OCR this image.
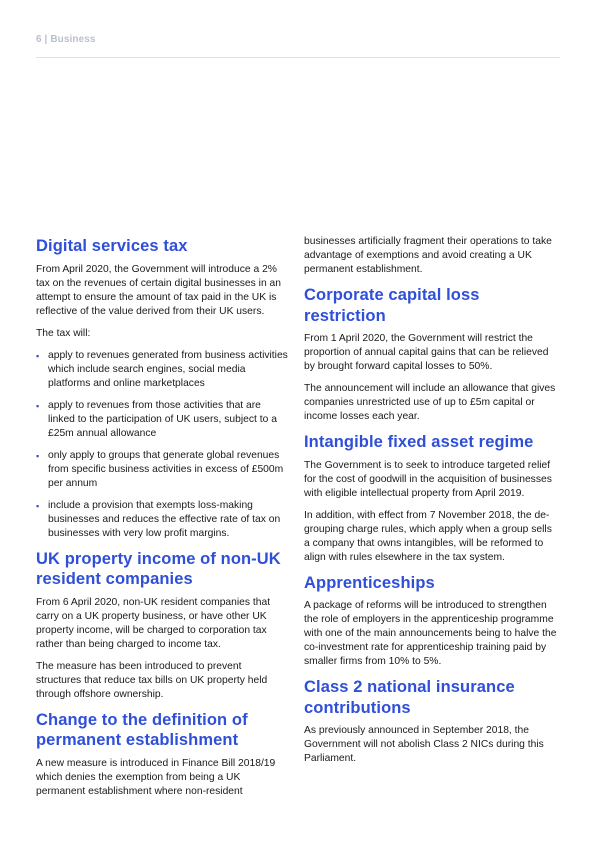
6 | Business
Digital services tax

From April 2020, the Government will introduce a 2% tax on the revenues of certain digital businesses in an attempt to ensure the amount of tax paid in the UK is reflective of the value derived from their UK users.

The tax will:

▪ apply to revenues generated from business activities which include search engines, social media platforms and online marketplaces
▪ apply to revenues from those activities that are linked to the participation of UK users, subject to a £25m annual allowance
▪ only apply to groups that generate global revenues from specific business activities in excess of £500m per annum
▪ include a provision that exempts loss-making businesses and reduces the effective rate of tax on businesses with very low profit margins.
UK property income of non-UK resident companies

From 6 April 2020, non-UK resident companies that carry on a UK property business, or have other UK property income, will be charged to corporation tax rather than being charged to income tax.

The measure has been introduced to prevent structures that reduce tax bills on UK property held through offshore ownership.

Change to the definition of permanent establishment

A new measure is introduced in Finance Bill 2018/19 which denies the exemption from being a UK permanent establishment where non-resident

businesses artificially fragment their operations to take advantage of exemptions and avoid creating a UK permanent establishment.

Corporate capital loss restriction

From 1 April 2020, the Government will restrict the proportion of annual capital gains that can be relieved by brought forward capital losses to 50%.

The announcement will include an allowance that gives companies unrestricted use of up to £5m capital or income losses each year.

Intangible fixed asset regime

The Government is to seek to introduce targeted relief for the cost of goodwill in the acquisition of businesses with eligible intellectual property from April 2019.

In addition, with effect from 7 November 2018, the de-grouping charge rules, which apply when a group sells a company that owns intangibles, will be reformed to align with rules elsewhere in the tax system.

Apprenticeships

A package of reforms will be introduced to strengthen the role of employers in the apprenticeship programme with one of the main announcements being to halve the co-investment rate for apprenticeship training paid by smaller firms from 10% to 5%.

Class 2 national insurance contributions

As previously announced in September 2018, the Government will not abolish Class 2 NICs during this Parliament.
